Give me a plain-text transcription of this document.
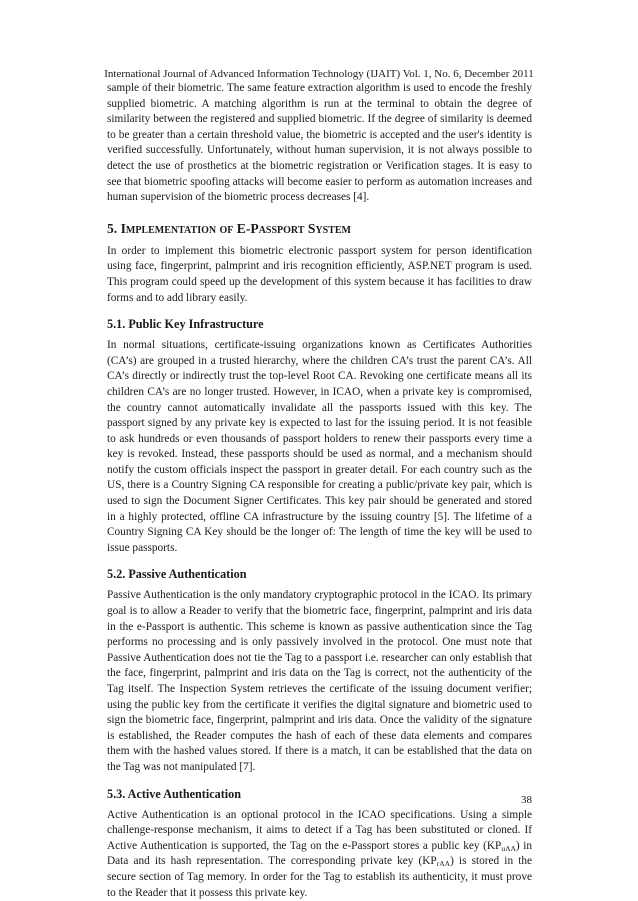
International Journal of Advanced Information Technology (IJAIT) Vol. 1, No. 6, December 2011

sample of their biometric. The same feature extraction algorithm is used to encode the freshly supplied biometric. A matching algorithm is run at the terminal to obtain the degree of similarity between the registered and supplied biometric. If the degree of similarity is deemed to be greater than a certain threshold value, the biometric is accepted and the user's identity is verified successfully. Unfortunately, without human supervision, it is not always possible to detect the use of prosthetics at the biometric registration or Verification stages. It is easy to see that biometric spoofing attacks will become easier to perform as automation increases and human supervision of the biometric process decreases [4].

5. Implementation of E-Passport System

In order to implement this biometric electronic passport system for person identification using face, fingerprint, palmprint and iris recognition efficiently, ASP.NET program is used. This program could speed up the development of this system because it has facilities to draw forms and to add library easily.

5.1. Public Key Infrastructure

In normal situations, certificate-issuing organizations known as Certificates Authorities (CA’s) are grouped in a trusted hierarchy, where the children CA’s trust the parent CA’s. All CA’s directly or indirectly trust the top-level Root CA. Revoking one certificate means all its children CA’s are no longer trusted. However, in ICAO, when a private key is compromised, the country cannot automatically invalidate all the passports issued with this key. The passport signed by any private key is expected to last for the issuing period. It is not feasible to ask hundreds or even thousands of passport holders to renew their passports every time a key is revoked. Instead, these passports should be used as normal, and a mechanism should notify the custom officials inspect the passport in greater detail. For each country such as the US, there is a Country Signing CA responsible for creating a public/private key pair, which is used to sign the Document Signer Certificates. This key pair should be generated and stored in a highly protected, offline CA infrastructure by the issuing country [5]. The lifetime of a Country Signing CA Key should be the longer of: The length of time the key will be used to issue passports.

5.2. Passive Authentication

Passive Authentication is the only mandatory cryptographic protocol in the ICAO. Its primary goal is to allow a Reader to verify that the biometric face, fingerprint, palmprint and iris data in the e-Passport is authentic. This scheme is known as passive authentication since the Tag performs no processing and is only passively involved in the protocol. One must note that Passive Authentication does not tie the Tag to a passport i.e. researcher can only establish that the face, fingerprint, palmprint and iris data on the Tag is correct, not the authenticity of the Tag itself. The Inspection System retrieves the certificate of the issuing document verifier; using the public key from the certificate it verifies the digital signature and biometric used to sign the biometric face, fingerprint, palmprint and iris data. Once the validity of the signature is established, the Reader computes the hash of each of these data elements and compares them with the hashed values stored. If there is a match, it can be established that the data on the Tag was not manipulated [7].

5.3. Active Authentication

Active Authentication is an optional protocol in the ICAO specifications. Using a simple challenge-response mechanism, it aims to detect if a Tag has been substituted or cloned. If Active Authentication is supported, the Tag on the e-Passport stores a public key $(KP_{uAA})$ in Data and its hash representation. The corresponding private key $(KP_{rAA})$ is stored in the secure section of Tag memory. In order for the Tag to establish its authenticity, it must prove to the Reader that it possess this private key.

38
